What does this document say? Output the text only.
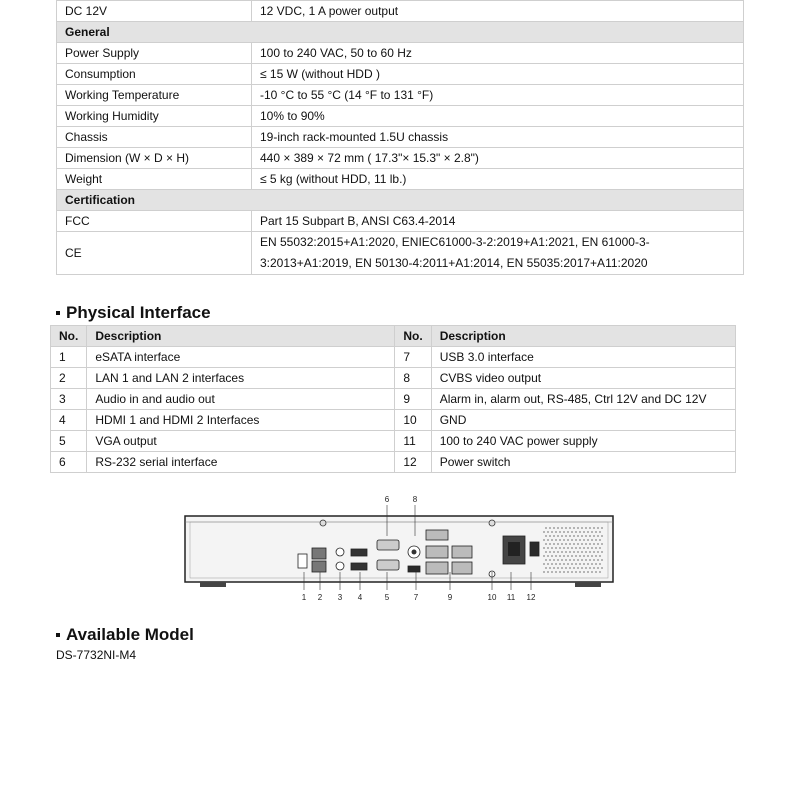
DC 12V	12 VDC, 1 A power output
General	
Power Supply	100 to 240 VAC, 50 to 60 Hz
Consumption	≤ 15 W (without HDD )
Working Temperature	-10 °C to 55 °C (14 °F to 131 °F)
Working Humidity	10% to 90%
Chassis	19-inch rack-mounted 1.5U chassis
Dimension (W × D × H)	440 × 389 × 72 mm ( 17.3"× 15.3" × 2.8")
Weight	≤ 5 kg (without HDD, 11 lb.)
Certification	
FCC	Part 15 Subpart B, ANSI C63.4-2014
CE	EN 55032:2015+A1:2020, ENIEC61000-3-2:2019+A1:2021, EN 61000-3-3:2013+A1:2019, EN 50130-4:2011+A1:2014, EN 55035:2017+A11:2020
Physical Interface
No.	Description	No.	Description
1	eSATA interface	7	USB 3.0 interface
2	LAN 1 and LAN 2 interfaces	8	CVBS video output
3	Audio in and audio out	9	Alarm in, alarm out, RS-485, Ctrl 12V and DC 12V
4	HDMI 1 and HDMI 2 Interfaces	10	GND
5	VGA output	11	100 to 240 VAC power supply
6	RS-232 serial interface	12	Power switch
6	8
1 2 3 4	5	7	9	10 11 12
Available Model
DS-7732NI-M4
